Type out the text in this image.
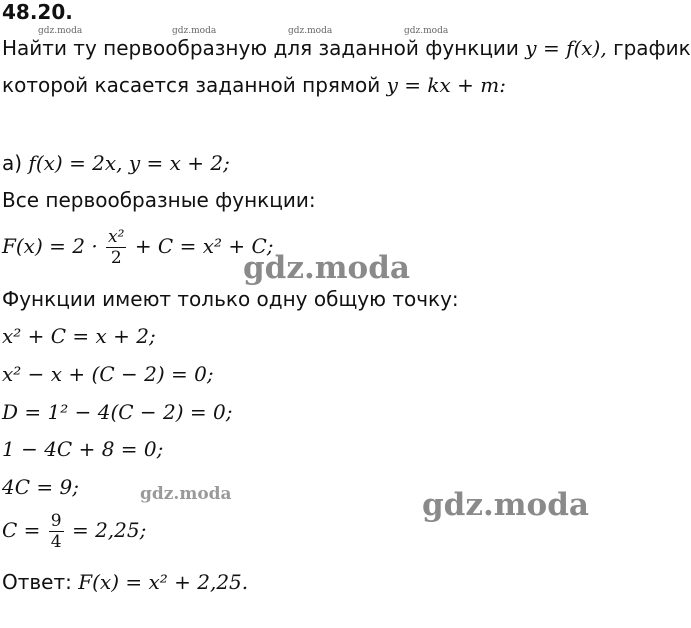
48.20.
Найти ту первообразную для заданной функции y = f(x), график
которой касается заданной прямой y = kx + m:
а) f(x) = 2x, y = x + 2;
Все первообразные функции:
$F(x) = 2 \cdot \frac{\text{x²}}{2} + C = x^2 + C$;
Функции имеют только одну общую точку:
x² + C = x + 2;
x² − x + (C − 2) = 0;
D = 1² − 4(C − 2) = 0;
1 − 4C + 8 = 0;
4C = 9;
$C = \frac{9}{4} = 2,25$;
Ответ: F(x) = x² + 2,25.
gdz.moda	gdz.moda	gdz.moda	gdz.moda
gdz.moda
gdz.moda	gdz.moda
